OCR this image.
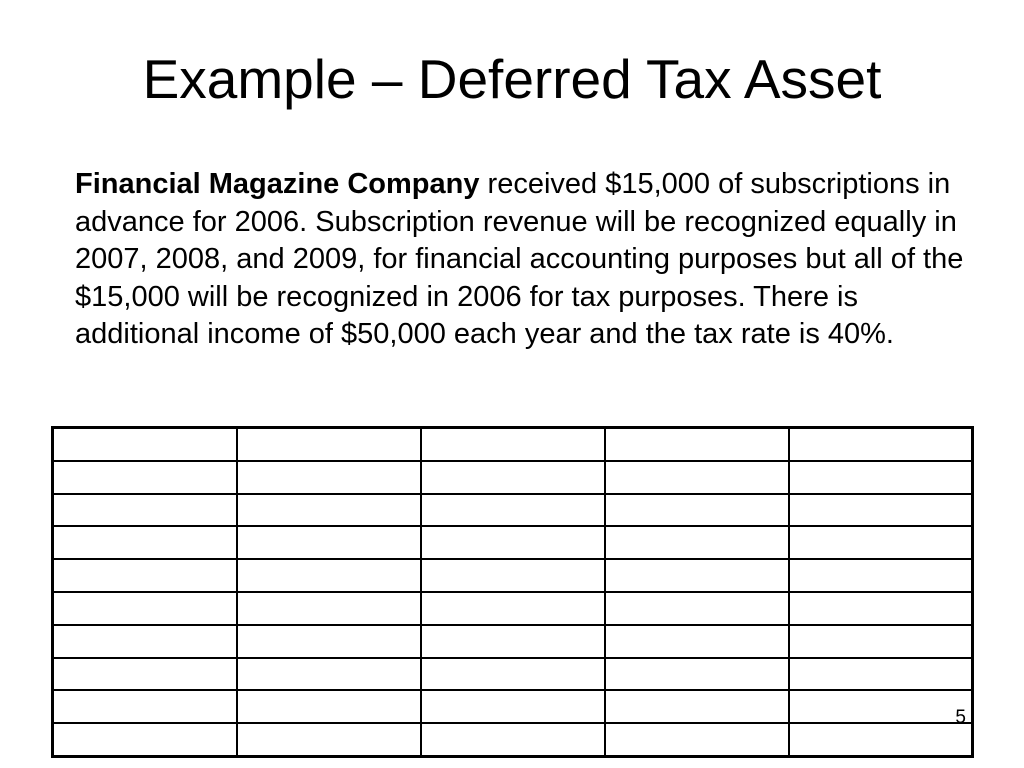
Example – Deferred Tax Asset

Financial Magazine Company received $15,000 of subscriptions in advance for 2006. Subscription revenue will be recognized equally in 2007, 2008, and 2009, for financial accounting purposes but all of the $15,000 will be recognized in 2006 for tax purposes. There is additional income of $50,000 each year and the tax rate is 40%.

5
